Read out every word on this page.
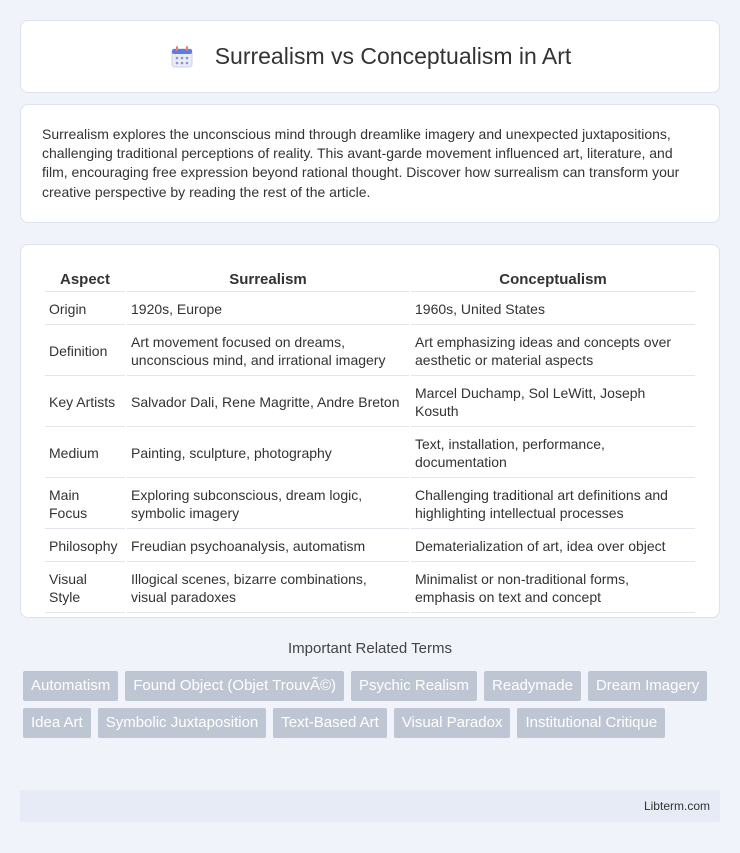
Surrealism vs Conceptualism in Art

Surrealism explores the unconscious mind through dreamlike imagery and unexpected juxtapositions, challenging traditional perceptions of reality. This avant-garde movement influenced art, literature, and film, encouraging free expression beyond rational thought. Discover how surrealism can transform your creative perspective by reading the rest of the article.

Aspect	Surrealism	Conceptualism
Origin	1920s, Europe	1960s, United States
Definition	Art movement focused on dreams, unconscious mind, and irrational imagery	Art emphasizing ideas and concepts over aesthetic or material aspects
Key Artists	Salvador Dali, Rene Magritte, Andre Breton	Marcel Duchamp, Sol LeWitt, Joseph Kosuth
Medium	Painting, sculpture, photography	Text, installation, performance, documentation
Main Focus	Exploring subconscious, dream logic, symbolic imagery	Challenging traditional art definitions and highlighting intellectual processes
Philosophy	Freudian psychoanalysis, automatism	Dematerialization of art, idea over object
Visual Style	Illogical scenes, bizarre combinations, visual paradoxes	Minimalist or non-traditional forms, emphasis on text and concept
Important Related Terms
Automatism	Found Object (Objet TrouvÃ©)	Psychic Realism	Readymade	Dream Imagery
Idea Art	Symbolic Juxtaposition	Text-Based Art	Visual Paradox	Institutional Critique
Libterm.com
